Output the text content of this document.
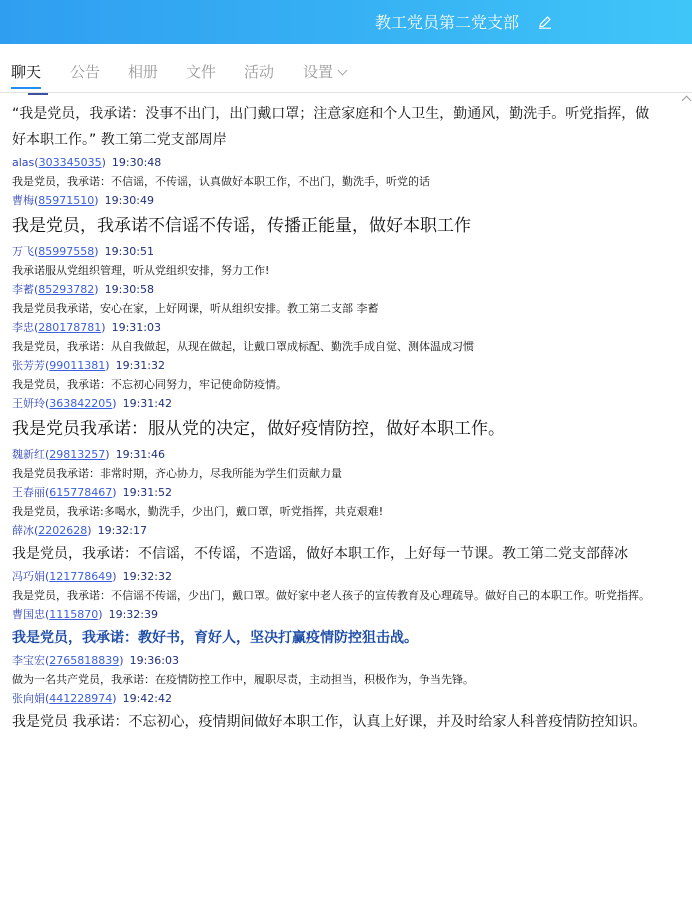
教工党员第二党支部
聊天 公告 相册 文件 活动 设置
“我是党员，我承诺：没事不出门，出门戴口罩；注意家庭和个人卫生，勤通风，勤洗手。听党指挥，做好本职工作。” 教工第二党支部周岸
alas(303345035) 19:30:48
我是党员，我承诺：不信谣，不传谣，认真做好本职工作，不出门，勤洗手，听党的话
曹梅(85971510) 19:30:49
我是党员，我承诺不信谣不传谣，传播正能量，做好本职工作
万飞(85997558) 19:30:51
我承诺服从党组织管理，听从党组织安排，努力工作!
李蓄(85293782) 19:30:58
我是党员我承诺，安心在家，上好网课，听从组织安排。教工第二支部 李蓄
李忠(280178781) 19:31:03
我是党员，我承诺：从自我做起，从现在做起，让戴口罩成标配、勤洗手成自觉、测体温成习惯
张芳芳(99011381) 19:31:32
我是党员，我承诺：不忘初心同努力，牢记使命防疫情。
王妍玲(363842205) 19:31:42
我是党员我承诺：服从党的决定，做好疫情防控，做好本职工作。
魏新红(29813257) 19:31:46
我是党员我承诺：非常时期，齐心协力，尽我所能为学生们贡献力量
王春丽(615778467) 19:31:52
我是党员，我承诺:多喝水，勤洗手，少出门，戴口罩，听党指挥，共克艰难!
薛冰(2202628) 19:32:17
我是党员，我承诺：不信谣，不传谣，不造谣，做好本职工作，上好每一节课。教工第二党支部薛冰
冯巧娟(121778649) 19:32:32
我是党员，我承诺：不信谣不传谣，少出门，戴口罩。做好家中老人孩子的宣传教育及心理疏导。做好自己的本职工作。听党指挥。
曹国忠(1115870) 19:32:39
我是党员，我承诺：教好书，育好人，坚决打赢疫情防控狙击战。
李宝宏(2765818839) 19:36:03
做为一名共产党员，我承诺：在疫情防控工作中，履职尽责，主动担当，积极作为，争当先锋。
张向娟(441228974) 19:42:42
我是党员 我承诺：不忘初心，疫情期间做好本职工作，认真上好课，并及时给家人科普疫情防控知识。
